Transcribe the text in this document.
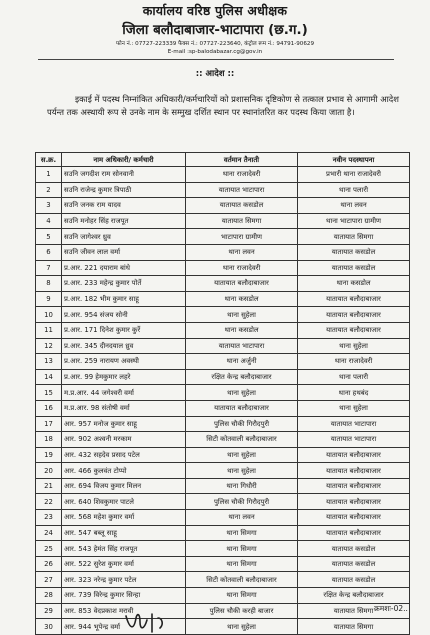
कार्यालय वरिष्ठ पुलिस अधीक्षक
जिला बलौदाबाजार-भाटापारा (छ.ग.)
फोन नं.: 07727-223339 फैक्स नं.: 07727-223640, कंट्रोल रूम नं.: 94791-90629
E-mail :sp-balodabazar.cg@gov.in
:: आदेश ::
इकाई में पदस्थ निम्नांकित अधिकारी/कर्मचारियों को प्रशासनिक दृष्टिकोण से तत्काल प्रभाव से आगामी आदेश पर्यन्त तक अस्थायी रूप से उनके नाम के सम्मुख दर्शित स्थान पर स्थानांतरित कर पदस्थ किया जाता है।
स.क्र.	नाम अधिकारी/ कर्मचारी	वर्तमान तैनाती	नवीन पदस्थापना
1	सउनि जगदीश राम सोनवानी	थाना राजादेवरी	प्रभारी थाना राजादेवरी
2	सउनि राजेन्द्र कुमार त्रिपाठी	यातायात भाटापारा	थाना पलारी
3	सउनि जनक राम यादव	यातायात कसडोल	थाना लवन
4	सउनि मनोहर सिंह राजपूत	यातायात सिमगा	थाना भाटापारा ग्रामीण
5	सउनि जागेश्वर ध्रुव	भाटापारा ग्रामीण	यातायात सिमगा
6	सउनि जीवन लाल वर्मा	थाना लवन	यातायात कसडोल
7	प्र.आर. 221 दयाराम बांधे	थाना राजादेवरी	यातायात कसडोल
8	प्र.आर. 233 महेन्द्र कुमार पोर्ते	यातायात बलौदाबाजार	थाना कसडोल
9	प्र.आर. 182 भीम कुमार साहू	थाना कसडोल	यातायात बलौदाबाजार
10	प्र.आर. 954 संजय सोनी	थाना सुहेला	यातायात बलौदाबाजार
11	प्र.आर. 171 दिनेश कुमार कुर्रे	थाना कसडोल	यातायात बलौदाबाजार
12	प्र.आर. 345 दीनदयाल ध्रुव	यातायात भाटापारा	थाना सुहेला
13	प्र.आर. 259 नारायण अवस्थी	थाना अर्जुनी	थाना राजादेवरी
14	प्र.आर. 99 हेमकुमार लहरे	रक्षित केन्द्र बलौदाबाजार	थाना पलारी
15	म.प्र.आर. 44 जगेश्वरी वर्मा	थाना सुहेला	थाना हथबंद
16	म.प्र.आर. 98 संतोषी वर्मा	यातायात बलौदाबाजार	थाना सुहेला
17	आर. 957 मनोज कुमार साहू	पुलिस चौकी गिरौदपुरी	यातायात भाटापारा
18	आर. 902 अश्वनी मरकाम	सिटी कोतवाली बलौदाबाजार	यातायात भाटापारा
19	आर. 432 सहदेव प्रसाद पटेल	थाना सुहेला	यातायात बलौदाबाजार
20	आर. 466 कुलवंत टोप्पो	थाना सुहेला	यातायात बलौदाबाजार
21	आर. 694 विजय कुमार मिलन	थाना गिधौरी	यातायात बलौदाबाजार
22	आर. 640 शिवकुमार पाटले	पुलिस चौकी गिरौदपुरी	यातायात बलौदाबाजार
23	आर. 568 महेश कुमार वर्मा	थाना लवन	यातायात बलौदाबाजार
24	आर. 547 बब्लू साहू	थाना सिमगा	यातायात बलौदाबाजार
25	आर. 543 हेमंत सिंह राजपूत	थाना सिमगा	यातायात कसडोल
26	आर. 522 सुरेश कुमार वर्मा	थाना सिमगा	यातायात कसडोल
27	आर. 323 नरेन्द्र कुमार पटेल	सिटी कोतवाली बलौदाबाजार	यातायात कसडोल
28	आर. 739 विरेन्द्र कुमार सिन्हा	थाना सिमगा	रक्षित केन्द्र बलौदाबाजार
29	आर. 853 वेदप्रकाश मरावी	पुलिस चौकी करही बाजार	यातायात सिमगा
30	आर. 944 भूपेन्द्र वर्मा	थाना सुहेला	यातायात सिमगा
क्रमशः-02..
